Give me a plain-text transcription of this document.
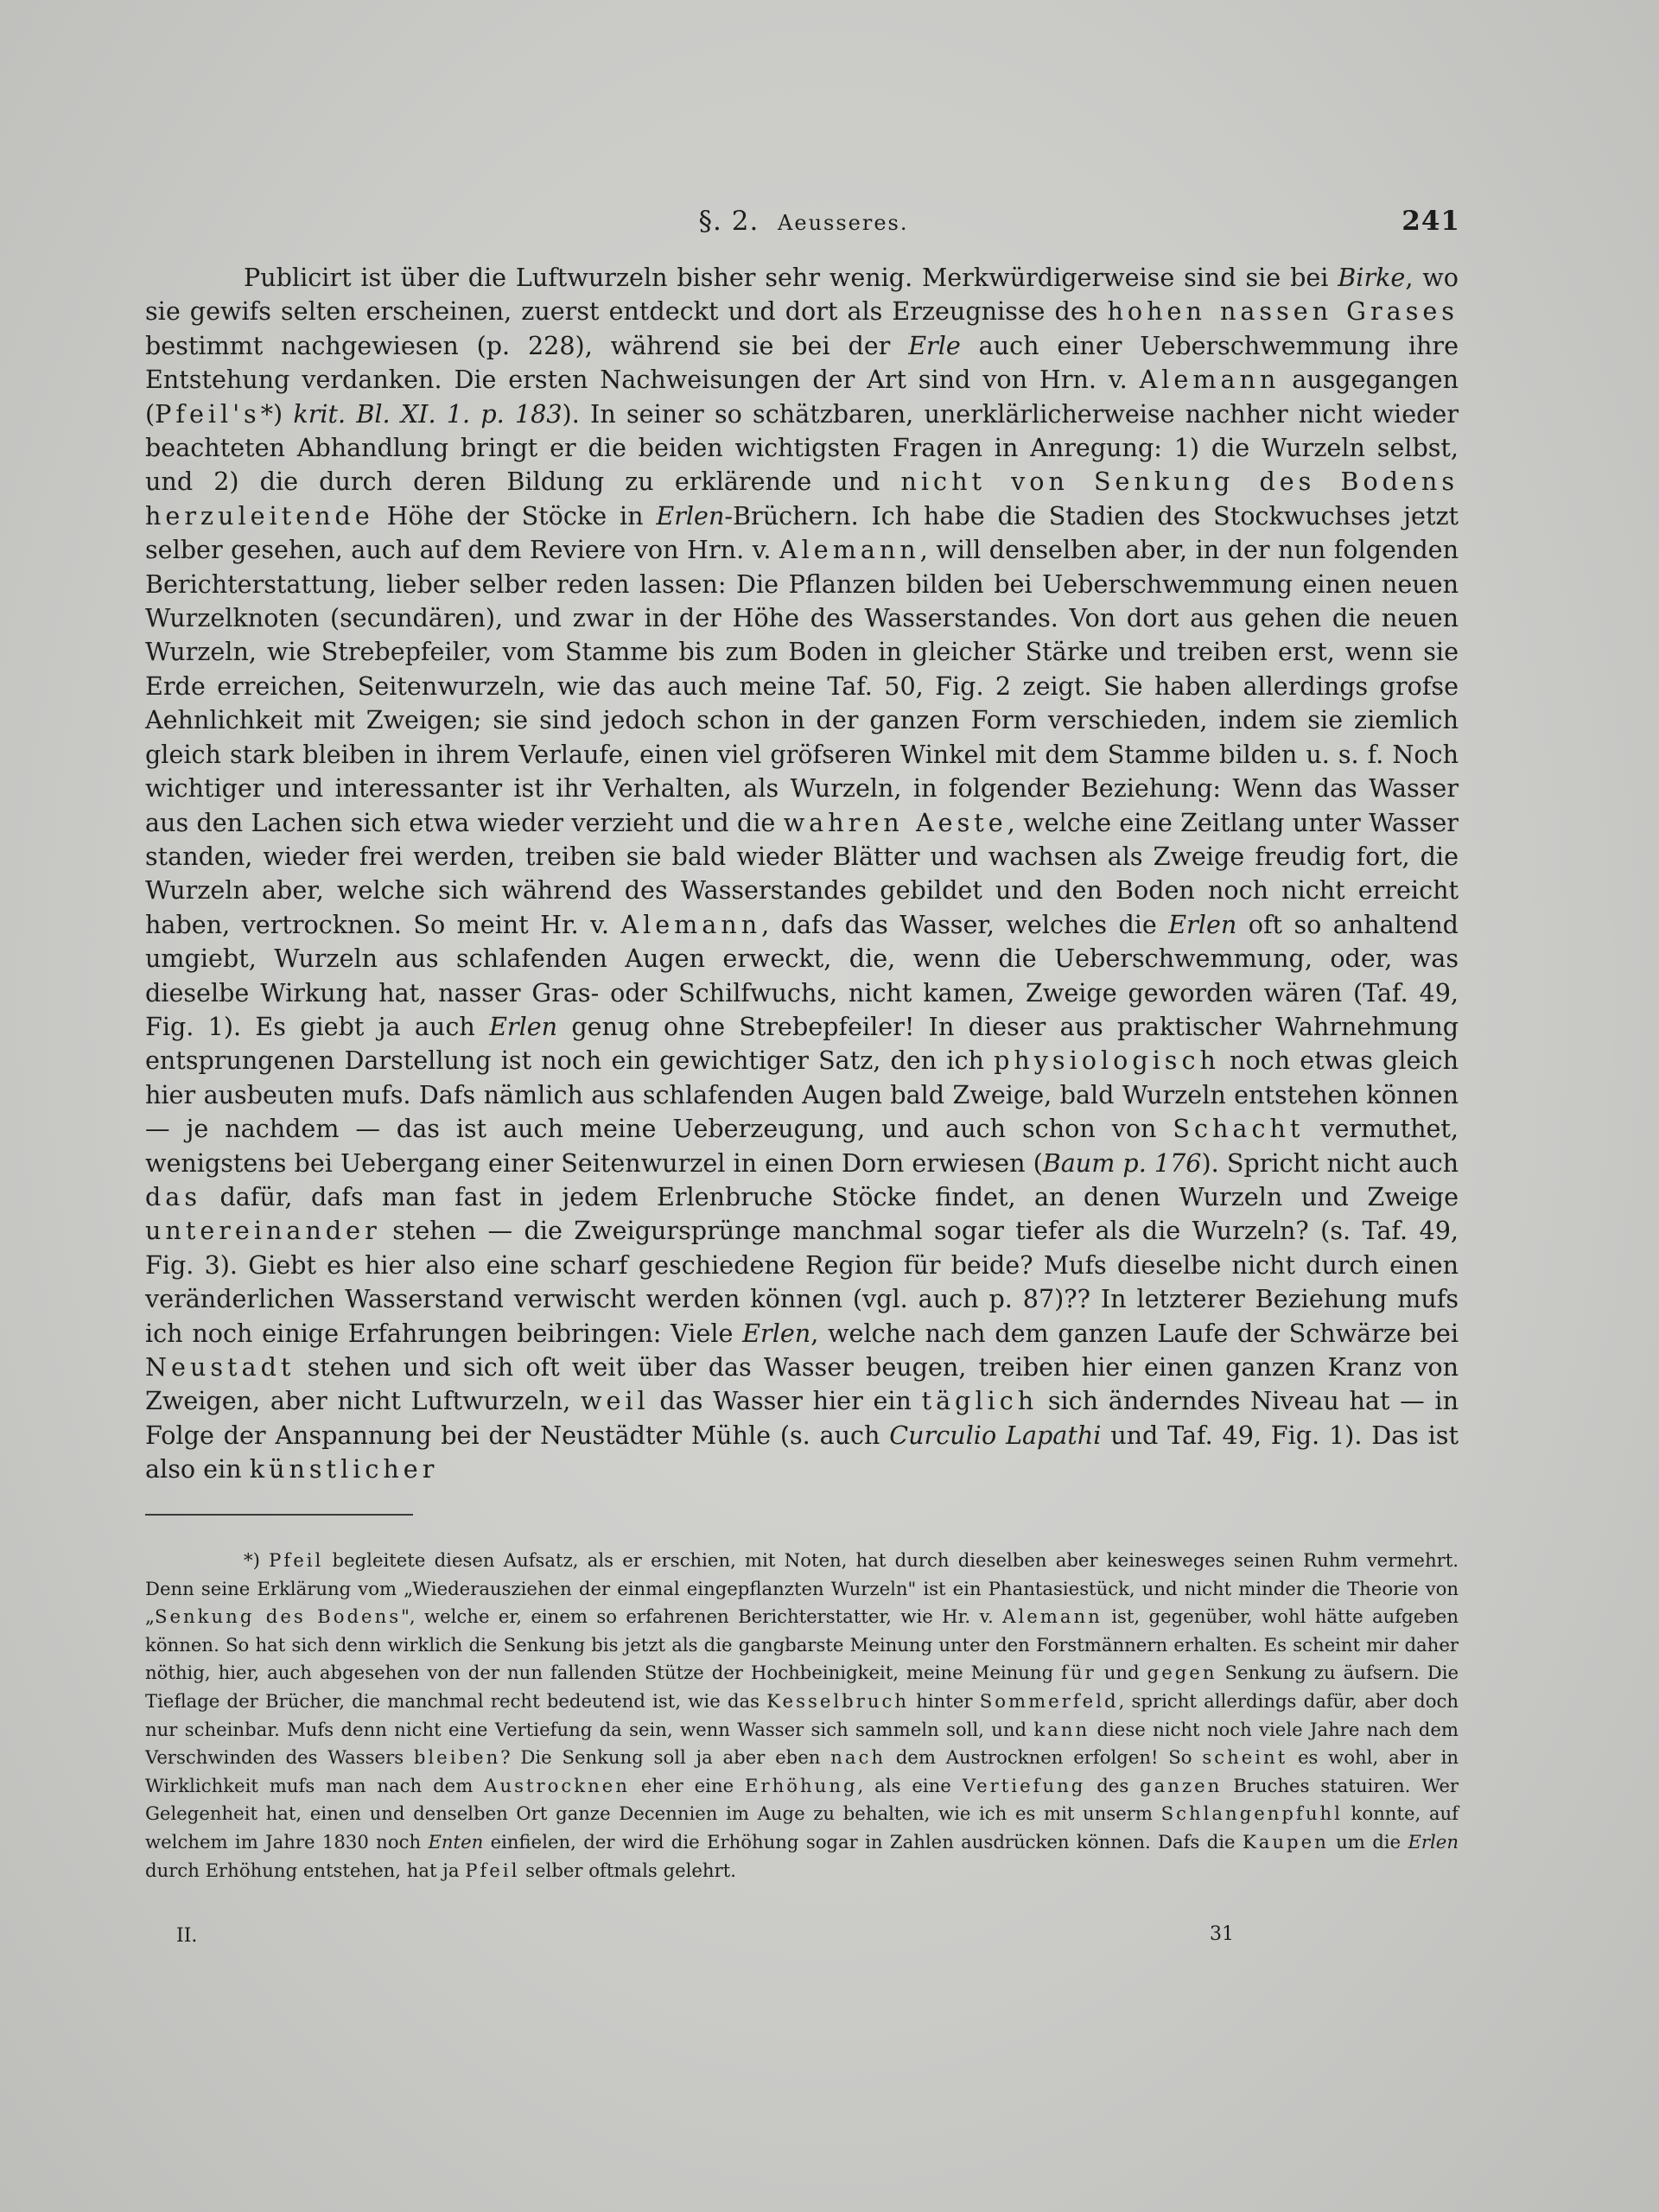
§. 2. Aeusseres.	241

Publicirt ist über die Luftwurzeln bisher sehr wenig. Merkwürdigerweise sind sie bei Birke, wo sie gewifs selten erscheinen, zuerst entdeckt und dort als Erzeugnisse des hohen nassen Grases bestimmt nachgewiesen (p. 228), während sie bei der Erle auch einer Ueberschwemmung ihre Entstehung verdanken. Die ersten Nachweisungen der Art sind von Hrn. v. Alemann ausgegangen (Pfeil's*) krit. Bl. XI. 1. p. 183). In seiner so schätzbaren, unerklärlicherweise nachher nicht wieder beachteten Abhandlung bringt er die beiden wichtigsten Fragen in Anregung: 1) die Wurzeln selbst, und 2) die durch deren Bildung zu erklärende und nicht von Senkung des Bodens herzuleitende Höhe der Stöcke in Erlen-Brüchern. Ich habe die Stadien des Stockwuchses jetzt selber gesehen, auch auf dem Reviere von Hrn. v. Alemann, will denselben aber, in der nun folgenden Berichterstattung, lieber selber reden lassen: Die Pflanzen bilden bei Ueberschwemmung einen neuen Wurzelknoten (secundären), und zwar in der Höhe des Wasserstandes. Von dort aus gehen die neuen Wurzeln, wie Strebepfeiler, vom Stamme bis zum Boden in gleicher Stärke und treiben erst, wenn sie Erde erreichen, Seitenwurzeln, wie das auch meine Taf. 50, Fig. 2 zeigt. Sie haben allerdings grofse Aehnlichkeit mit Zweigen; sie sind jedoch schon in der ganzen Form verschieden, indem sie ziemlich gleich stark bleiben in ihrem Verlaufe, einen viel gröfseren Winkel mit dem Stamme bilden u. s. f. Noch wichtiger und interessanter ist ihr Verhalten, als Wurzeln, in folgender Beziehung: Wenn das Wasser aus den Lachen sich etwa wieder verzieht und die wahren Aeste, welche eine Zeitlang unter Wasser standen, wieder frei werden, treiben sie bald wieder Blätter und wachsen als Zweige freudig fort, die Wurzeln aber, welche sich während des Wasserstandes gebildet und den Boden noch nicht erreicht haben, vertrocknen. So meint Hr. v. Alemann, dafs das Wasser, welches die Erlen oft so anhaltend umgiebt, Wurzeln aus schlafenden Augen erweckt, die, wenn die Ueberschwemmung, oder, was dieselbe Wirkung hat, nasser Gras- oder Schilfwuchs, nicht kamen, Zweige geworden wären (Taf. 49, Fig. 1). Es giebt ja auch Erlen genug ohne Strebepfeiler! In dieser aus praktischer Wahrnehmung entsprungenen Darstellung ist noch ein gewichtiger Satz, den ich physiologisch noch etwas gleich hier ausbeuten mufs. Dafs nämlich aus schlafenden Augen bald Zweige, bald Wurzeln entstehen können — je nachdem — das ist auch meine Ueberzeugung, und auch schon von Schacht vermuthet, wenigstens bei Uebergang einer Seitenwurzel in einen Dorn erwiesen (Baum p. 176). Spricht nicht auch das dafür, dafs man fast in jedem Erlenbruche Stöcke findet, an denen Wurzeln und Zweige untereinander stehen — die Zweigursprünge manchmal sogar tiefer als die Wurzeln? (s. Taf. 49, Fig. 3). Giebt es hier also eine scharf geschiedene Region für beide? Mufs dieselbe nicht durch einen veränderlichen Wasserstand verwischt werden können (vgl. auch p. 87)?? In letzterer Beziehung mufs ich noch einige Erfahrungen beibringen: Viele Erlen, welche nach dem ganzen Laufe der Schwärze bei Neustadt stehen und sich oft weit über das Wasser beugen, treiben hier einen ganzen Kranz von Zweigen, aber nicht Luftwurzeln, weil das Wasser hier ein täglich sich änderndes Niveau hat — in Folge der Anspannung bei der Neustädter Mühle (s. auch Curculio Lapathi und Taf. 49, Fig. 1). Das ist also ein künstlicher

*) Pfeil begleitete diesen Aufsatz, als er erschien, mit Noten, hat durch dieselben aber keinesweges seinen Ruhm vermehrt. Denn seine Erklärung vom „Wiederausziehen der einmal eingepflanzten Wurzeln" ist ein Phantasiestück, und nicht minder die Theorie von „Senkung des Bodens", welche er, einem so erfahrenen Berichterstatter, wie Hr. v. Alemann ist, gegenüber, wohl hätte aufgeben können. So hat sich denn wirklich die Senkung bis jetzt als die gangbarste Meinung unter den Forstmännern erhalten. Es scheint mir daher nöthig, hier, auch abgesehen von der nun fallenden Stütze der Hochbeinigkeit, meine Meinung für und gegen Senkung zu äufsern. Die Tieflage der Brücher, die manchmal recht bedeutend ist, wie das Kesselbruch hinter Sommerfeld, spricht allerdings dafür, aber doch nur scheinbar. Mufs denn nicht eine Vertiefung da sein, wenn Wasser sich sammeln soll, und kann diese nicht noch viele Jahre nach dem Verschwinden des Wassers bleiben? Die Senkung soll ja aber eben nach dem Austrocknen erfolgen! So scheint es wohl, aber in Wirklichkeit mufs man nach dem Austrocknen eher eine Erhöhung, als eine Vertiefung des ganzen Bruches statuiren. Wer Gelegenheit hat, einen und denselben Ort ganze Decennien im Auge zu behalten, wie ich es mit unserm Schlangenpfuhl konnte, auf welchem im Jahre 1830 noch Enten einfielen, der wird die Erhöhung sogar in Zahlen ausdrücken können. Dafs die Kaupen um die Erlen durch Erhöhung entstehen, hat ja Pfeil selber oftmals gelehrt.

II.	31
